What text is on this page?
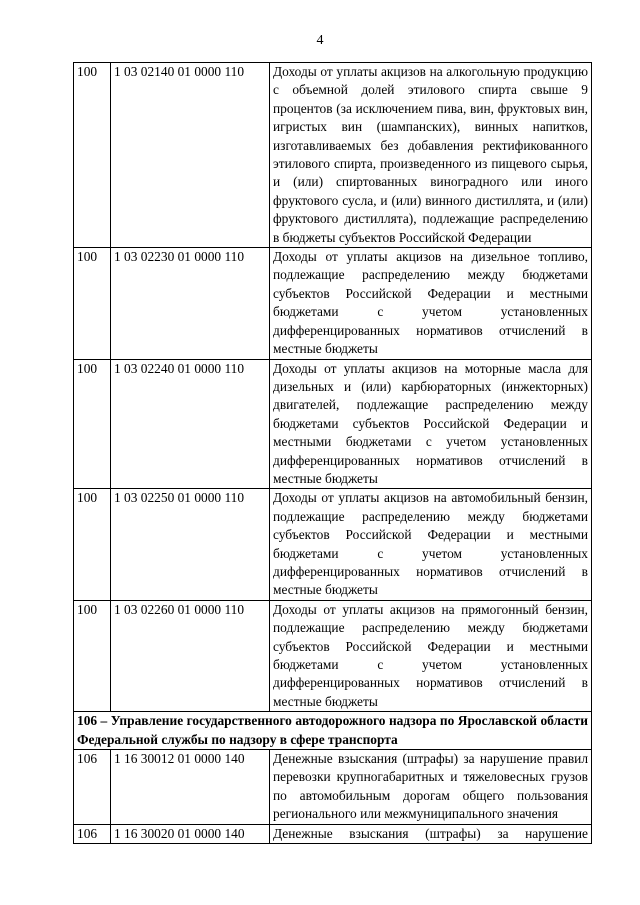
4
100	1 03 02140 01 0000 110	Доходы от уплаты акцизов на алкогольную продукцию с объемной долей этилового спирта свыше 9 процентов (за исключением пива, вин, фруктовых вин, игристых вин (шампанских), винных напитков, изготавливаемых без добавления ректификованного этилового спирта, произведенного из пищевого сырья, и (или) спиртованных виноградного или иного фруктового сусла, и (или) винного дистиллята, и (или) фруктового дистиллята), подлежащие распределению в бюджеты субъектов Российской Федерации
100	1 03 02230 01 0000 110	Доходы от уплаты акцизов на дизельное топливо, подлежащие распределению между бюджетами субъектов Российской Федерации и местными бюджетами с учетом установленных дифференцированных нормативов отчислений в местные бюджеты
100	1 03 02240 01 0000 110	Доходы от уплаты акцизов на моторные масла для дизельных и (или) карбюраторных (инжекторных) двигателей, подлежащие распределению между бюджетами субъектов Российской Федерации и местными бюджетами с учетом установленных дифференцированных нормативов отчислений в местные бюджеты
100	1 03 02250 01 0000 110	Доходы от уплаты акцизов на автомобильный бензин, подлежащие распределению между бюджетами субъектов Российской Федерации и местными бюджетами с учетом установленных дифференцированных нормативов отчислений в местные бюджеты
100	1 03 02260 01 0000 110	Доходы от уплаты акцизов на прямогонный бензин, подлежащие распределению между бюджетами субъектов Российской Федерации и местными бюджетами с учетом установленных дифференцированных нормативов отчислений в местные бюджеты
106 – Управление государственного автодорожного надзора по Ярославской области Федеральной службы по надзору в сфере транспорта		
106	1 16 30012 01 0000 140	Денежные взыскания (штрафы) за нарушение правил перевозки крупногабаритных и тяжеловесных грузов по автомобильным дорогам общего пользования регионального или межмуниципального значения
106	1 16 30020 01 0000 140	Денежные взыскания (штрафы) за нарушение
